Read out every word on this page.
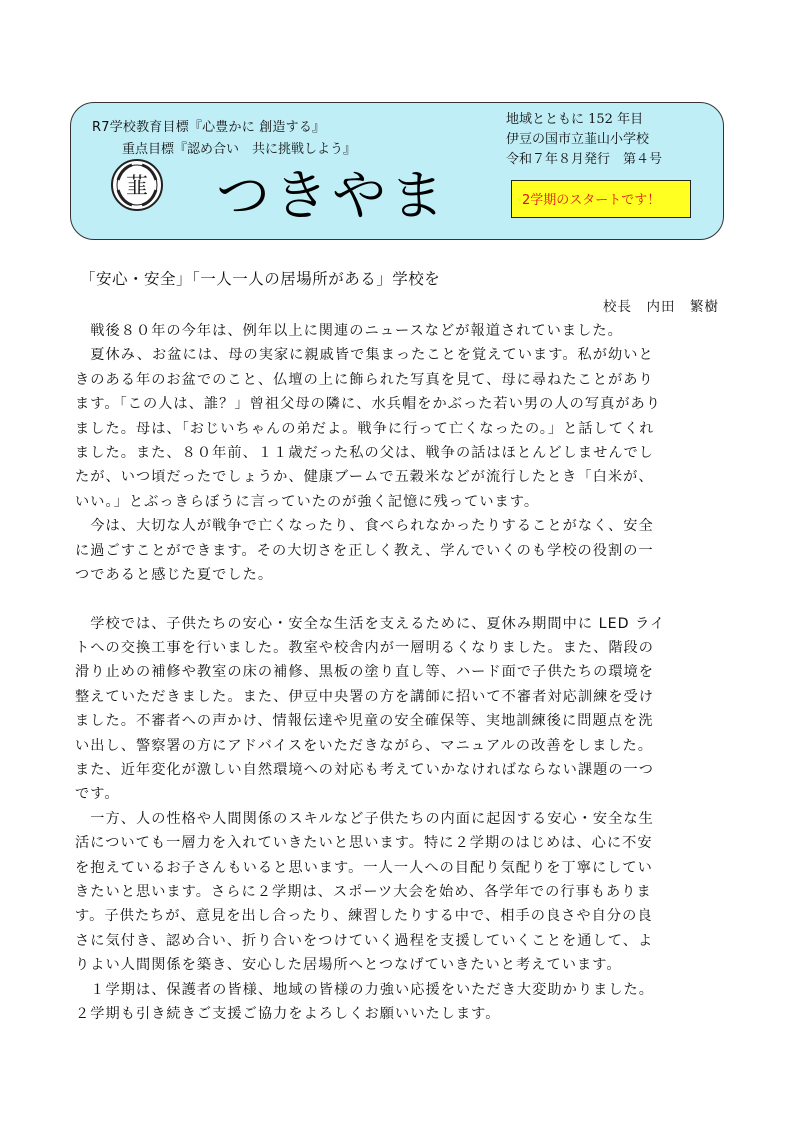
R7学校教育目標『心豊かに 創造する』
重点目標『認め合い　共に挑戦しよう』
韮 つきやま
地域とともに 152 年目
伊豆の国市立韮山小学校
令和７年８月発行　第４号
2学期のスタートです！
「安心・安全」「一人一人の居場所がある」学校を
校長　内田　繁樹
　戦後８０年の今年は、例年以上に関連のニュースなどが報道されていました。
　夏休み、お盆には、母の実家に親戚皆で集まったことを覚えています。私が幼いと
きのある年のお盆でのこと、仏壇の上に飾られた写真を見て、母に尋ねたことがあり
ます。「この人は、誰？」曾祖父母の隣に、水兵帽をかぶった若い男の人の写真があり
ました。母は、「おじいちゃんの弟だよ。戦争に行って亡くなったの。」と話してくれ
ました。また、８０年前、１１歳だった私の父は、戦争の話はほとんどしませんでし
たが、いつ頃だったでしょうか、健康ブームで五穀米などが流行したとき「白米が、
いい。」とぶっきらぼうに言っていたのが強く記憶に残っています。
　今は、大切な人が戦争で亡くなったり、食べられなかったりすることがなく、安全
に過ごすことができます。その大切さを正しく教え、学んでいくのも学校の役割の一
つであると感じた夏でした。
　学校では、子供たちの安心・安全な生活を支えるために、夏休み期間中に LED ライ
トへの交換工事を行いました。教室や校舎内が一層明るくなりました。また、階段の
滑り止めの補修や教室の床の補修、黒板の塗り直し等、ハード面で子供たちの環境を
整えていただきました。また、伊豆中央署の方を講師に招いて不審者対応訓練を受け
ました。不審者への声かけ、情報伝達や児童の安全確保等、実地訓練後に問題点を洗
い出し、警察署の方にアドバイスをいただきながら、マニュアルの改善をしました。
また、近年変化が激しい自然環境への対応も考えていかなければならない課題の一つ
です。
　一方、人の性格や人間関係のスキルなど子供たちの内面に起因する安心・安全な生
活についても一層力を入れていきたいと思います。特に２学期のはじめは、心に不安
を抱えているお子さんもいると思います。一人一人への目配り気配りを丁寧にしてい
きたいと思います。さらに２学期は、スポーツ大会を始め、各学年での行事もありま
す。子供たちが、意見を出し合ったり、練習したりする中で、相手の良さや自分の良
さに気付き、認め合い、折り合いをつけていく過程を支援していくことを通して、よ
りよい人間関係を築き、安心した居場所へとつなげていきたいと考えています。
　１学期は、保護者の皆様、地域の皆様の力強い応援をいただき大変助かりました。
２学期も引き続きご支援ご協力をよろしくお願いいたします。
